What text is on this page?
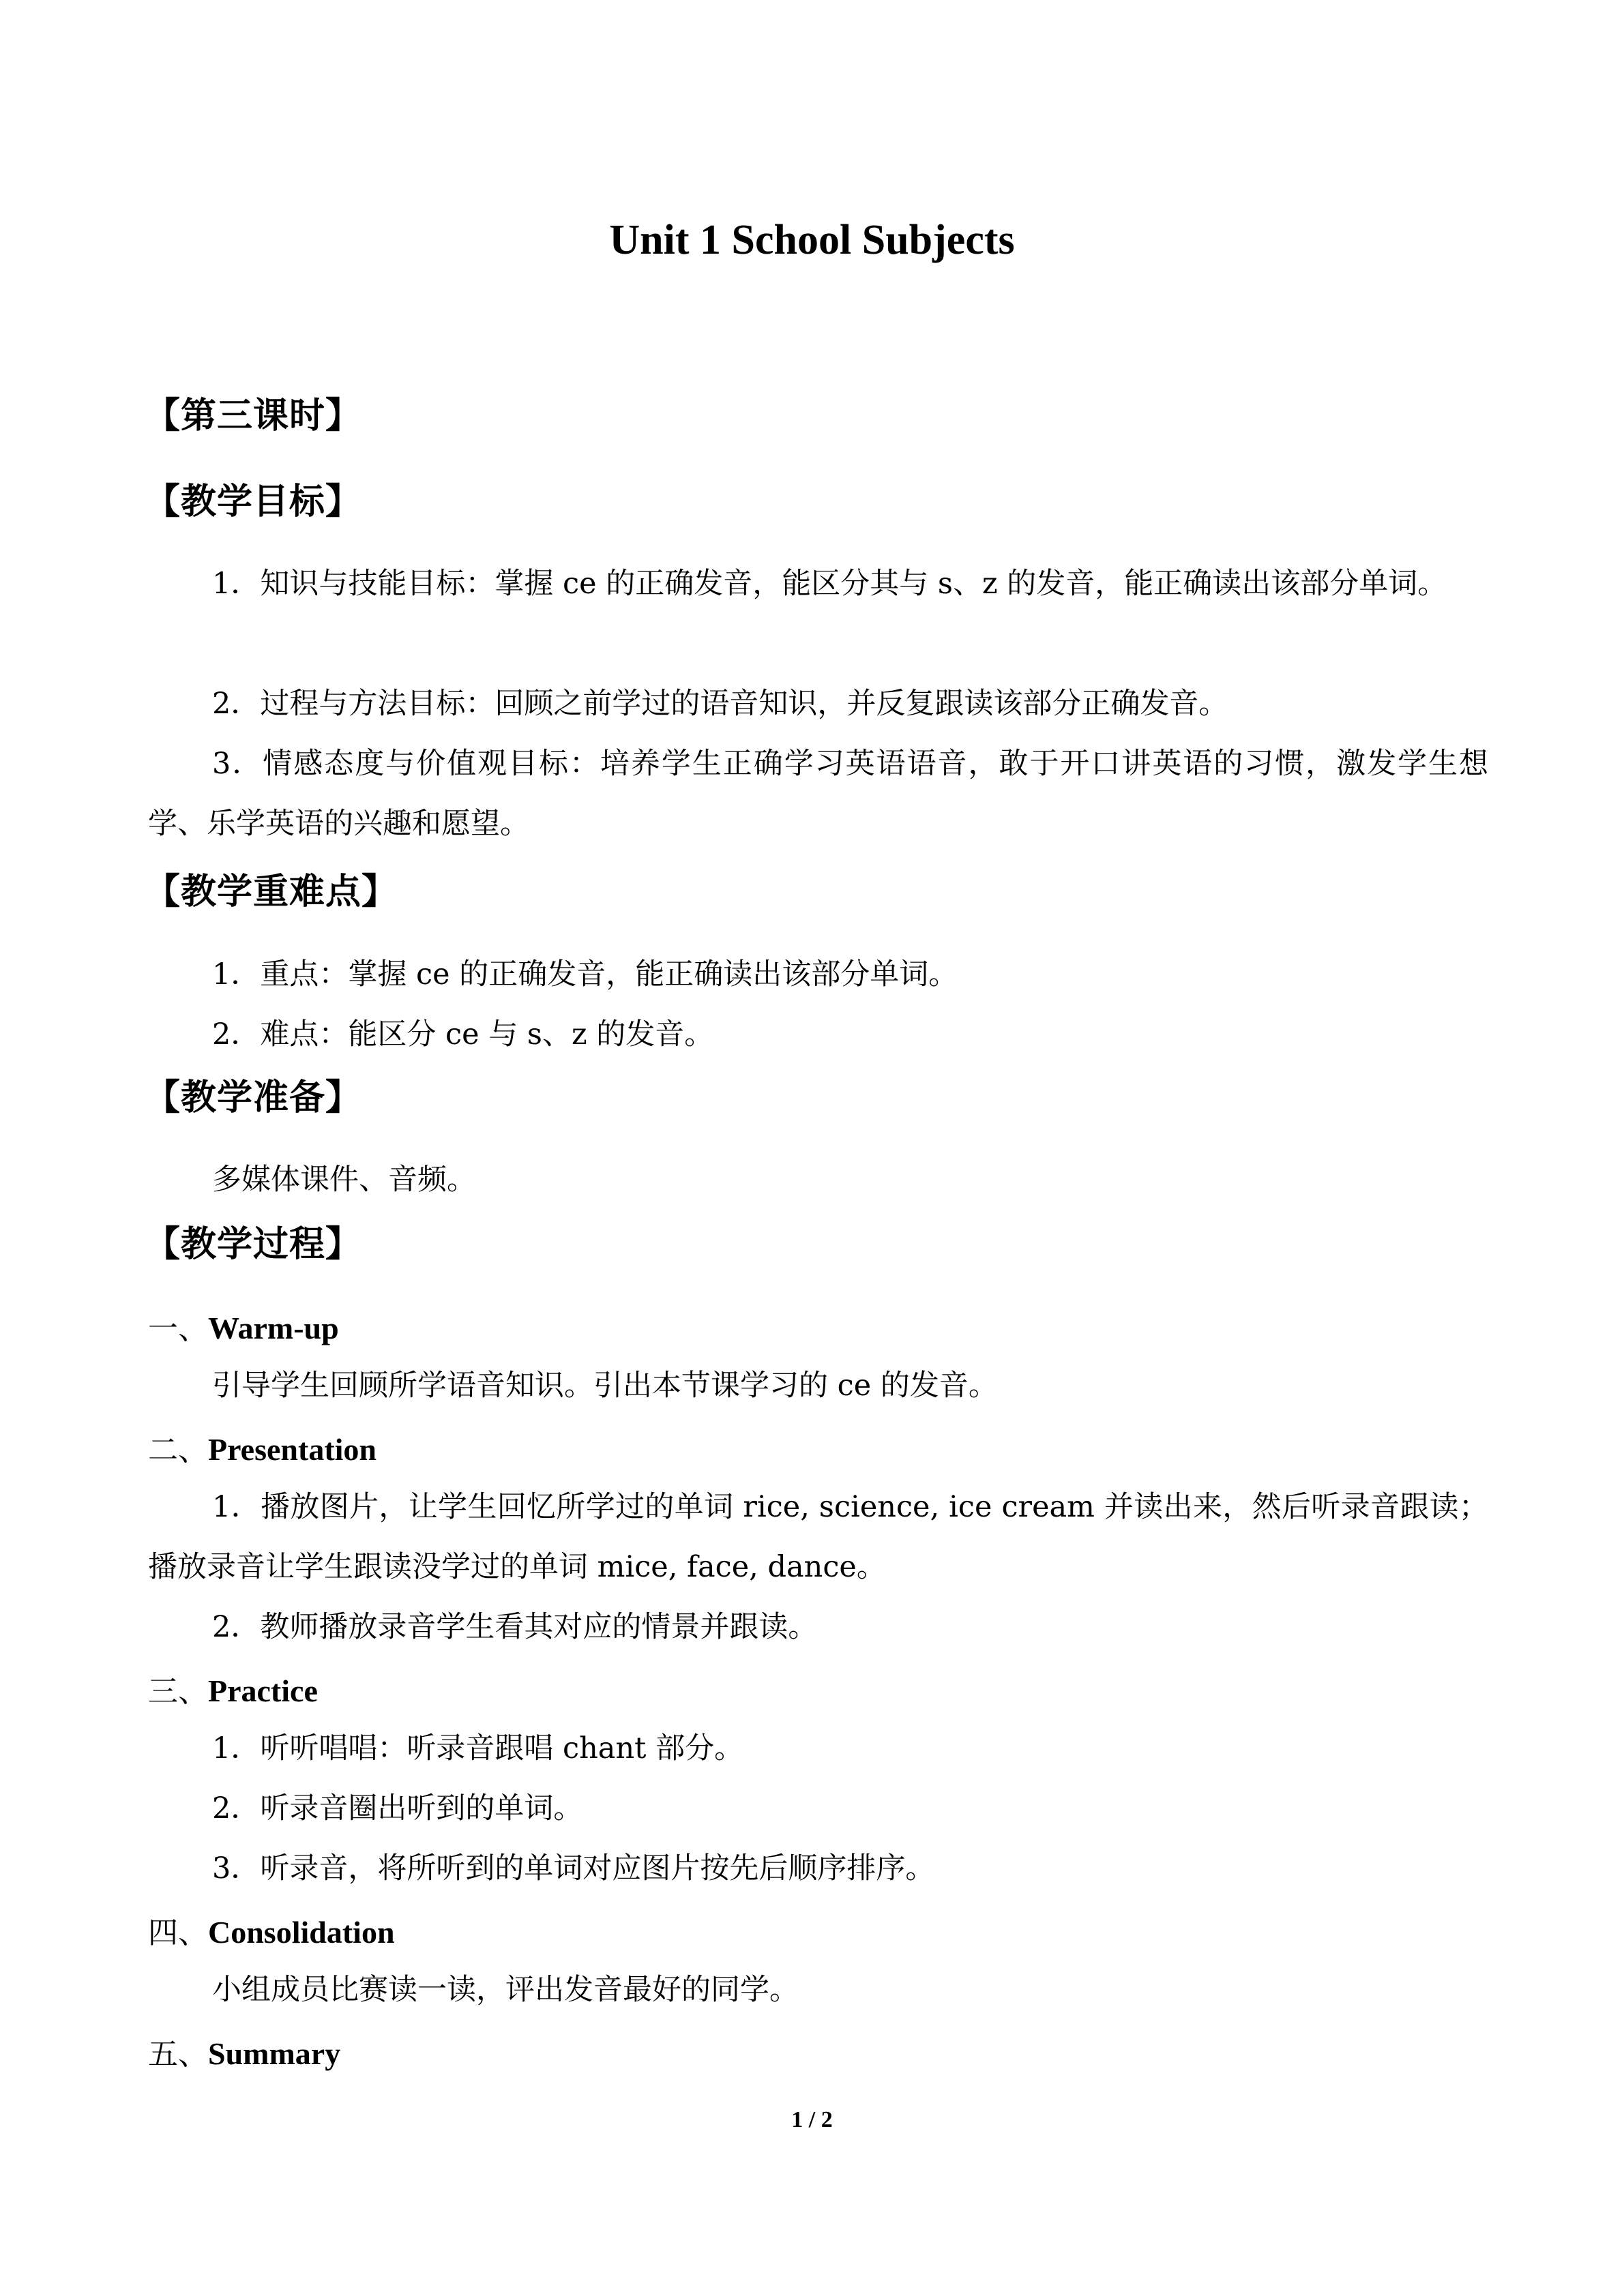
Unit 1 School Subjects
【第三课时】
【教学目标】
1．知识与技能目标：掌握 ce 的正确发音，能区分其与 s、z 的发音，能正确读出该部分单词。
2．过程与方法目标：回顾之前学过的语音知识，并反复跟读该部分正确发音。
3．情感态度与价值观目标：培养学生正确学习英语语音，敢于开口讲英语的习惯，激发学生想学、乐学英语的兴趣和愿望。
【教学重难点】
1．重点：掌握 ce 的正确发音，能正确读出该部分单词。
2．难点：能区分 ce 与 s、z 的发音。
【教学准备】
多媒体课件、音频。
【教学过程】
一、Warm-up
引导学生回顾所学语音知识。引出本节课学习的 ce 的发音。
二、Presentation
1．播放图片，让学生回忆所学过的单词 rice, science, ice cream 并读出来，然后听录音跟读；播放录音让学生跟读没学过的单词 mice, face, dance。
2．教师播放录音学生看其对应的情景并跟读。
三、Practice
1．听听唱唱：听录音跟唱 chant 部分。
2．听录音圈出听到的单词。
3．听录音，将所听到的单词对应图片按先后顺序排序。
四、Consolidation
小组成员比赛读一读，评出发音最好的同学。
五、Summary
1 / 2
